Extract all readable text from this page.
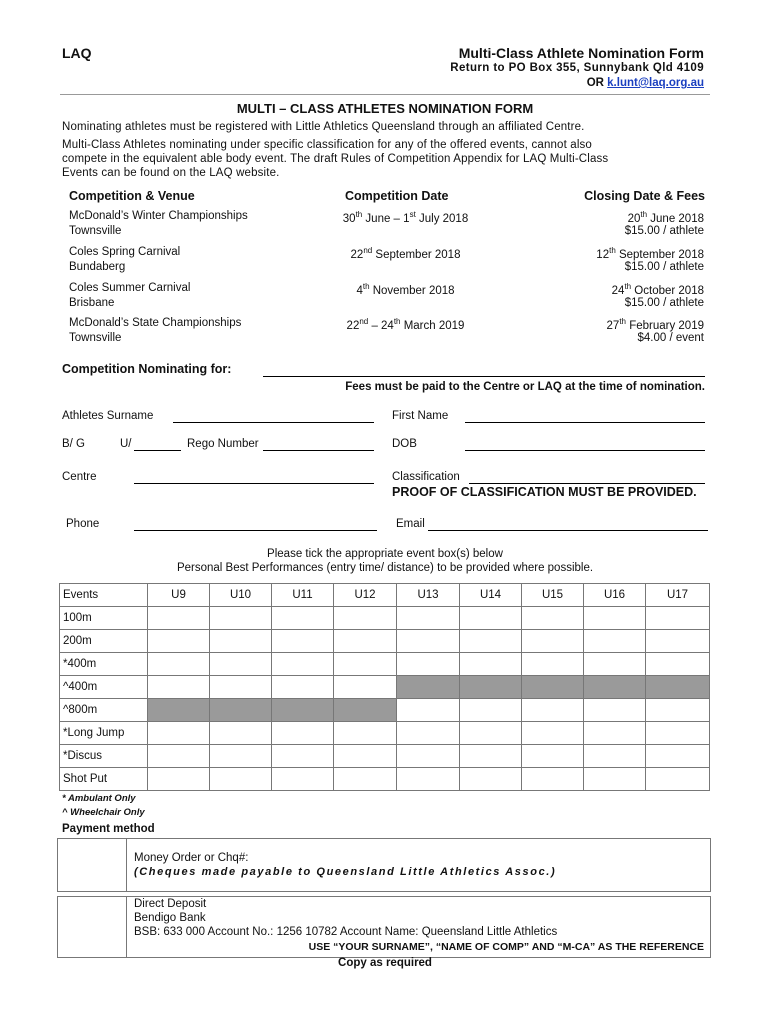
LAQ	Multi-Class Athlete Nomination Form
Return to PO Box 355, Sunnybank Qld 4109
OR k.lunt@laq.org.au
MULTI – CLASS ATHLETES NOMINATION FORM
Nominating athletes must be registered with Little Athletics Queensland through an affiliated Centre.
Multi-Class Athletes nominating under specific classification for any of the offered events, cannot also
compete in the equivalent able body event. The draft Rules of Competition Appendix for LAQ Multi-Class
Events can be found on the LAQ website.
Competition & Venue	Competition Date	Closing Date & Fees
McDonald’s Winter Championships
Townsville
30th June – 1st July 2018	20th June 2018
$15.00 / athlete
Coles Spring Carnival
Bundaberg
22nd September 2018	12th September 2018
$15.00 / athlete
Coles Summer Carnival
Brisbane
4th November 2018	24th October 2018
$15.00 / athlete
McDonald’s State Championships
Townsville
22nd – 24th March 2019	27th February 2019
$4.00 / event
Competition Nominating for:
Fees must be paid to the Centre or LAQ at the time of nomination.
Athletes Surname	First Name
B/ G	U/	Rego Number	DOB
Centre	Classification
PROOF OF CLASSIFICATION MUST BE PROVIDED.
Phone	Email
Please tick the appropriate event box(s) below
Personal Best Performances (entry time/ distance) to be provided where possible.
Events	U9	U10	U11	U12	U13	U14	U15	U16	U17
100m									
200m									
*400m									
^400m									
^800m									
*Long Jump									
*Discus									
Shot Put									
* Ambulant Only
^ Wheelchair Only
Payment method
Money Order or Chq#:
(Cheques made payable to Queensland Little Athletics Assoc.)
Direct Deposit
Bendigo Bank
BSB: 633 000 Account No.: 1256 10782 Account Name: Queensland Little Athletics
USE “YOUR SURNAME”, “NAME OF COMP” AND “M-CA” AS THE REFERENCE
Copy as required
